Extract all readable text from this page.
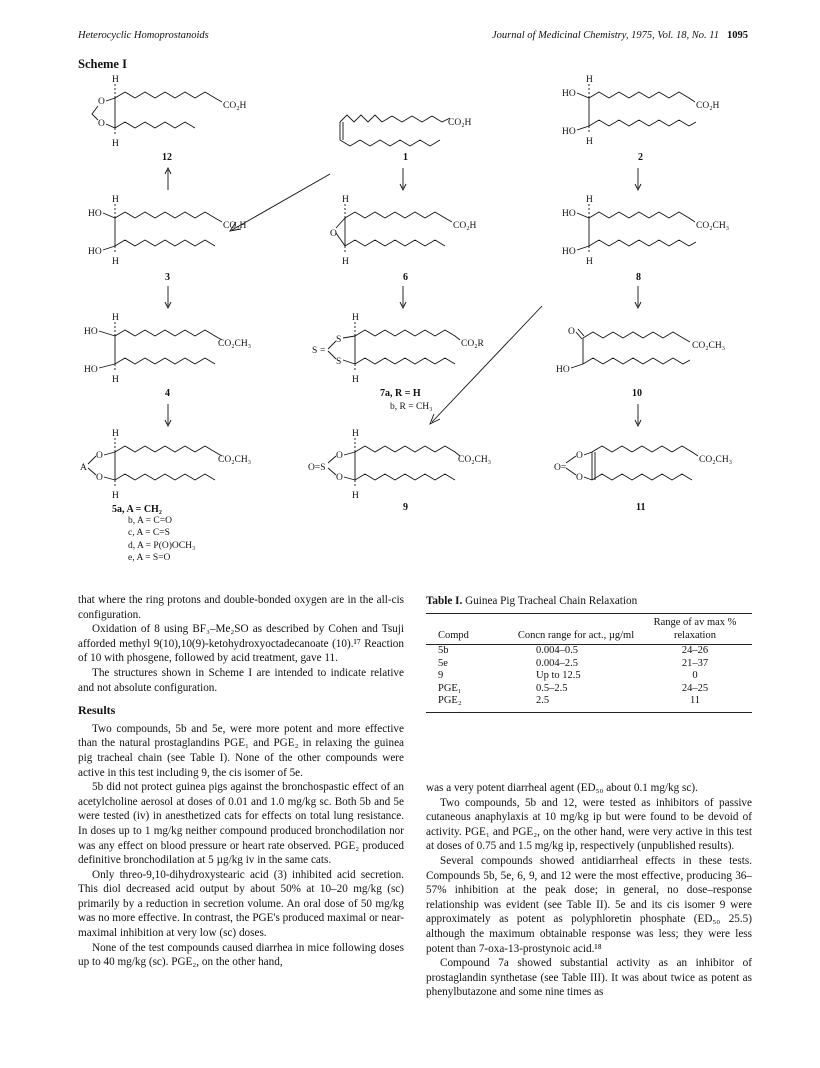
Heterocyclic Homoprostanoids	Journal of Medicinal Chemistry, 1975, Vol. 18, No. 11 1095
Scheme I
H
O
O
CO₂H
H
12
CO₂H
1
H
HO
CO₂H
HO
H
2
H
HO
CO₂H
HO
H
3
H
O
CO₂H
H
6
H
HO
CO₂CH₃
HO
H
8
H
HO
CO₂CH₃
HO
H
4
H
S
S
S =
CO₂R
H
7a, R = H
b, R = CH₃
O
CO₂CH₃
HO
10
H
O
O
A
CO₂CH₃
H
H
O
O
O=S
CO₂CH₃
H
9
O
O
O=
CO₂CH₃
11
5a, A = CH₂
b, A = C=O
c, A = C=S
d, A = P(O)OCH₃
e, A = S=O

that where the ring protons and double-bonded oxygen are in the all-cis configuration.

Oxidation of 8 using BF₃–Me₂SO as described by Cohen and Tsuji afforded methyl 9(10),10(9)-ketohydroxyoctadecanoate (10).¹⁷ Reaction of 10 with phosgene, followed by acid treatment, gave 11.

The structures shown in Scheme I are intended to indicate relative and not absolute configuration.

Results

Two compounds, 5b and 5e, were more potent and more effective than the natural prostaglandins PGE₁ and PGE₂ in relaxing the guinea pig tracheal chain (see Table I). None of the other compounds were active in this test including 9, the cis isomer of 5e.

5b did not protect guinea pigs against the bronchospastic effect of an acetylcholine aerosol at doses of 0.01 and 1.0 mg/kg sc. Both 5b and 5e were tested (iv) in anesthetized cats for effects on total lung resistance. In doses up to 1 mg/kg neither compound produced bronchodilation nor was any effect on blood pressure or heart rate observed. PGE₂ produced definitive bronchodilation at 5 µg/kg iv in the same cats.

Only threo-9,10-dihydroxystearic acid (3) inhibited acid secretion. This diol decreased acid output by about 50% at 10–20 mg/kg (sc) primarily by a reduction in secretion volume. An oral dose of 50 mg/kg was no more effective. In contrast, the PGE's produced maximal or near-maximal inhibition at very low (sc) doses.

None of the test compounds caused diarrhea in mice following doses up to 40 mg/kg (sc). PGE₂, on the other hand,

Table I. Guinea Pig Tracheal Chain Relaxation
Compd	Concn range for act., µg/ml	Range of av max % relaxation
5b	0.004–0.5	24–26
5e	0.004–2.5	21–37
9	Up to 12.5	0
PGE₁	0.5–2.5	24–25
PGE₂	2.5	11

was a very potent diarrheal agent (ED₅₀ about 0.1 mg/kg sc).

Two compounds, 5b and 12, were tested as inhibitors of passive cutaneous anaphylaxis at 10 mg/kg ip but were found to be devoid of activity. PGE₁ and PGE₂, on the other hand, were very active in this test at doses of 0.75 and 1.5 mg/kg ip, respectively (unpublished results).

Several compounds showed antidiarrheal effects in these tests. Compounds 5b, 5e, 6, 9, and 12 were the most effective, producing 36–57% inhibition at the peak dose; in general, no dose–response relationship was evident (see Table II). 5e and its cis isomer 9 were approximately as potent as polyphloretin phosphate (ED₅₀ 25.5) although the maximum obtainable response was less; they were less potent than 7-oxa-13-prostynoic acid.¹⁸

Compound 7a showed substantial activity as an inhibitor of prostaglandin synthetase (see Table III). It was about twice as potent as phenylbutazone and some nine times as
